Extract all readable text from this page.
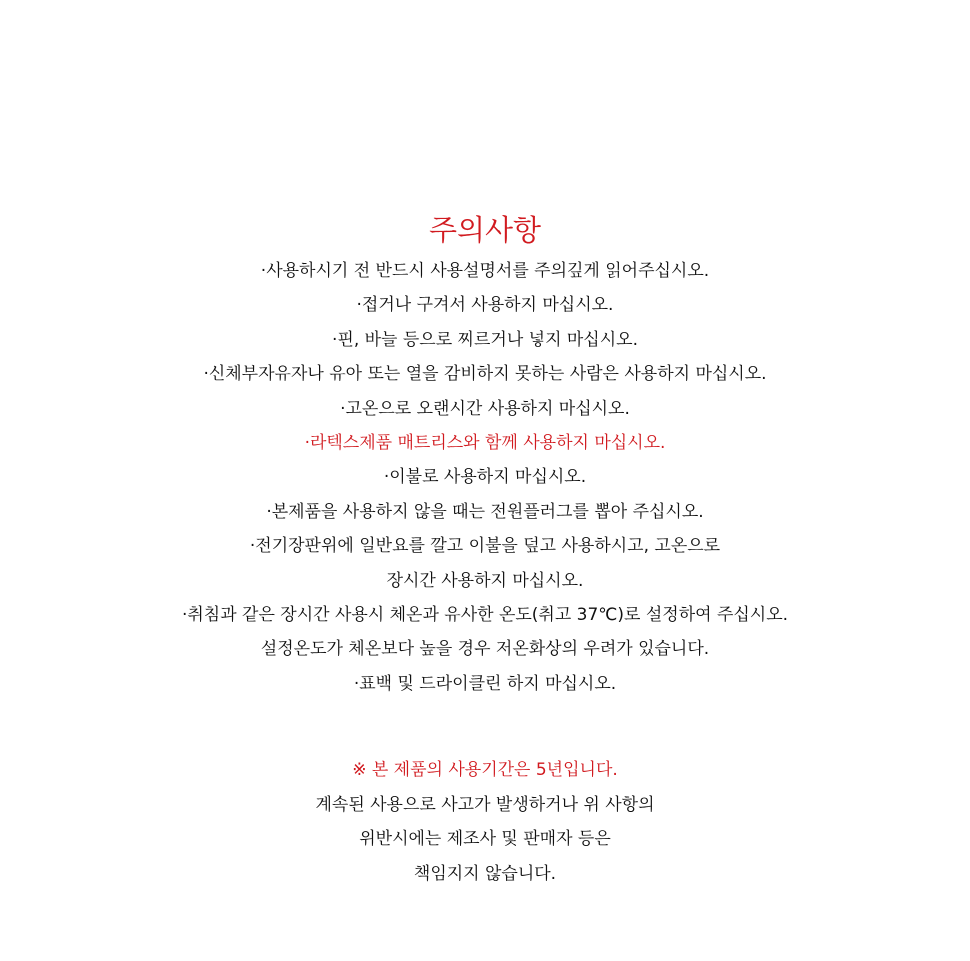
주의사항
·사용하시기 전 반드시 사용설명서를 주의깊게 읽어주십시오.
·접거나 구겨서 사용하지 마십시오.
·핀, 바늘 등으로 찌르거나 넣지 마십시오.
·신체부자유자나 유아 또는 열을 감비하지 못하는 사람은 사용하지 마십시오.
·고온으로 오랜시간 사용하지 마십시오.
·라텍스제품 매트리스와 함께 사용하지 마십시오.
·이불로 사용하지 마십시오.
·본제품을 사용하지 않을 때는 전원플러그를 뽑아 주십시오.
·전기장판위에 일반요를 깔고 이불을 덮고 사용하시고, 고온으로
장시간 사용하지 마십시오.
·취침과 같은 장시간 사용시 체온과 유사한 온도(취고 37℃)로 설정하여 주십시오.
설정온도가 체온보다 높을 경우 저온화상의 우려가 있습니다.
·표백 및 드라이클린 하지 마십시오.
※ 본 제품의 사용기간은 5년입니다.
계속된 사용으로 사고가 발생하거나 위 사항의
위반시에는 제조사 및 판매자 등은
책임지지 않습니다.
